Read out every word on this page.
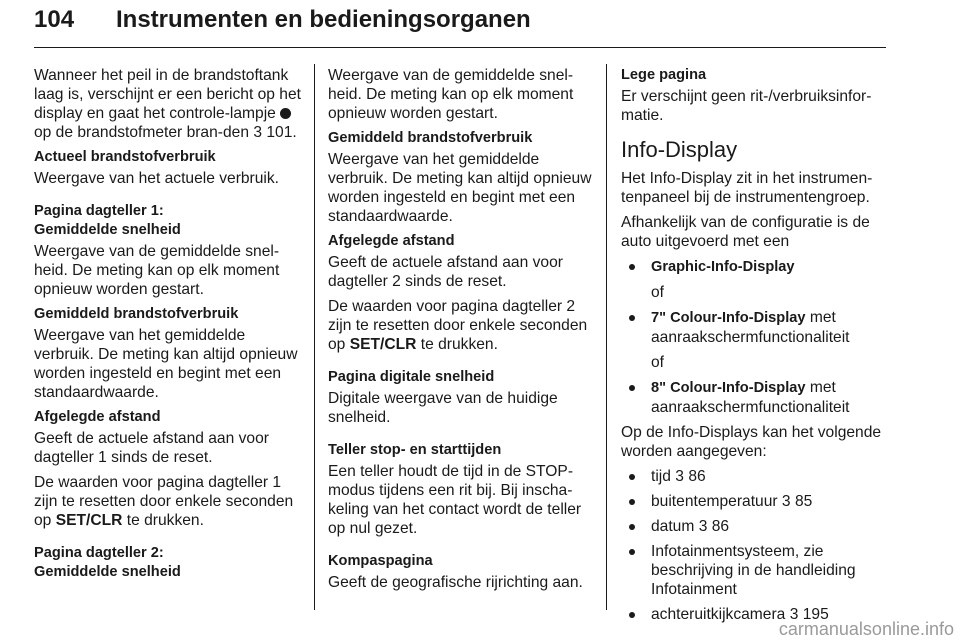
104 Instrumenten en bedieningsorganen

Wanneer het peil in de brandstoftank laag is, verschijnt er een bericht op het display en gaat het controle-lampje  op de brandstofmeter bran-den 3 101.

Actueel brandstofverbruik

Weergave van het actuele verbruik.

Pagina dagteller 1:
Gemiddelde snelheid

Weergave van de gemiddelde snel-heid. De meting kan op elk moment opnieuw worden gestart.

Gemiddeld brandstofverbruik

Weergave van het gemiddelde verbruik. De meting kan altijd opnieuw worden ingesteld en begint met een standaardwaarde.

Afgelegde afstand

Geeft de actuele afstand aan voor dagteller 1 sinds de reset.

De waarden voor pagina dagteller 1 zijn te resetten door enkele seconden op SET/CLR te drukken.

Pagina dagteller 2:
Gemiddelde snelheid

Weergave van de gemiddelde snel-heid. De meting kan op elk moment opnieuw worden gestart.

Gemiddeld brandstofverbruik

Weergave van het gemiddelde verbruik. De meting kan altijd opnieuw worden ingesteld en begint met een standaardwaarde.

Afgelegde afstand

Geeft de actuele afstand aan voor dagteller 2 sinds de reset.

De waarden voor pagina dagteller 2 zijn te resetten door enkele seconden op SET/CLR te drukken.

Pagina digitale snelheid

Digitale weergave van de huidige snelheid.

Teller stop- en starttijden

Een teller houdt de tijd in de STOP-modus tijdens een rit bij. Bij inscha-keling van het contact wordt de teller op nul gezet.

Kompaspagina

Geeft de geografische rijrichting aan.

Lege pagina

Er verschijnt geen rit-/verbruiksinfor-matie.

Info-Display

Het Info-Display zit in het instrumen-tenpaneel bij de instrumentengroep.

Afhankelijk van de configuratie is de auto uitgevoerd met een

Graphic-Info-Display
of
7" Colour-Info-Display met aanraakschermfunctionaliteit
of
8" Colour-Info-Display met aanraakschermfunctionaliteit

Op de Info-Displays kan het volgende worden aangegeven:

tijd 3 86
buitentemperatuur 3 85
datum 3 86
Infotainmentsysteem, zie beschrijving in de handleiding Infotainment
achteruitkijkcamera 3 195
carmanualsonline.info
